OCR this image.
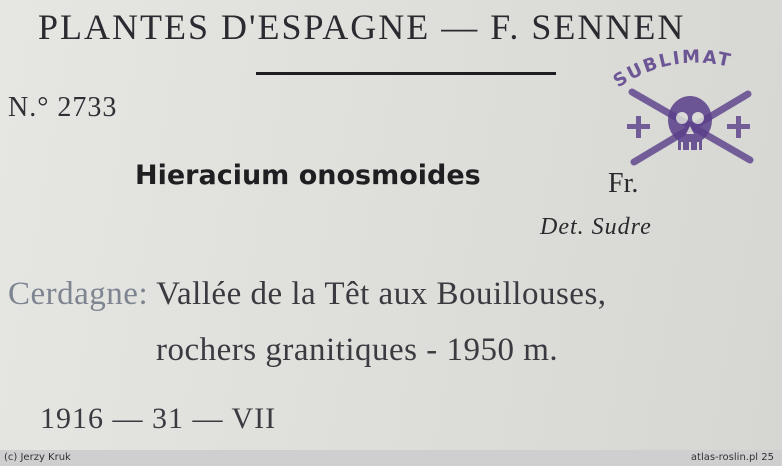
PLANTES D'ESPAGNE — F. SENNEN
N.° 2733
SUBLIMAT
Hieracium onosmoides	Fr.
Det. Sudre
Cerdagne: Vallée de la Têt aux Bouillouses,
rochers granitiques - 1950 m.
1916 — 31 — VII
(c) Jerzy Kruk	atlas-roslin.pl 25
